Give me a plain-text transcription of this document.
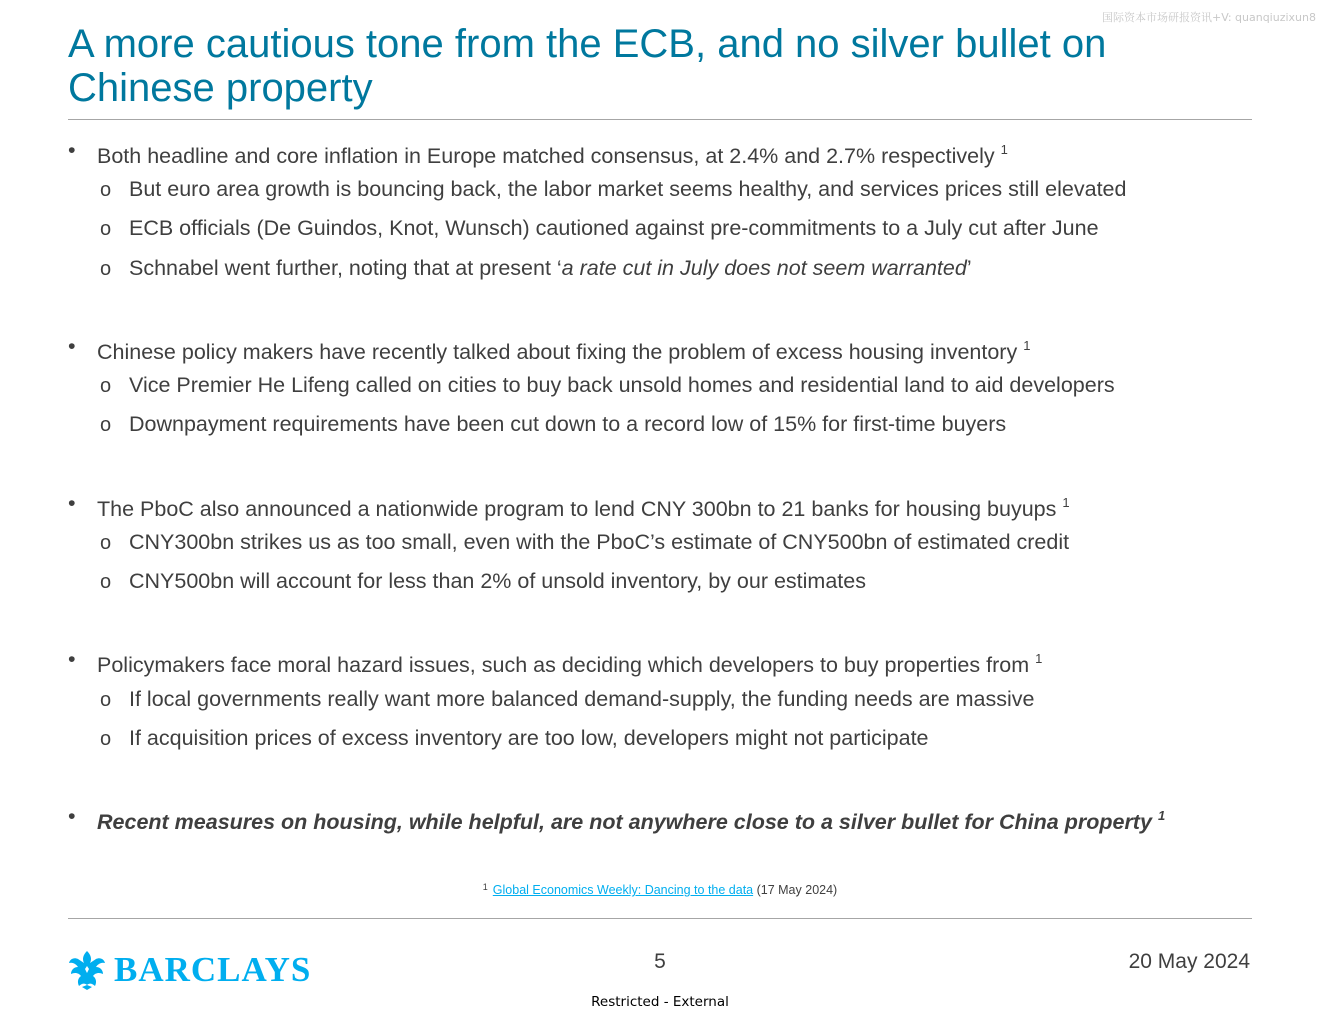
国际资本市场研报资讯+V: quanqiuzixun8
A more cautious tone from the ECB, and no silver bullet on Chinese property
• Both headline and core inflation in Europe matched consensus, at 2.4% and 2.7% respectively $^1$
o But euro area growth is bouncing back, the labor market seems healthy, and services prices still elevated
o ECB officials (De Guindos, Knot, Wunsch) cautioned against pre-commitments to a July cut after June
o Schnabel went further, noting that at present ‘a rate cut in July does not seem warranted’
• Chinese policy makers have recently talked about fixing the problem of excess housing inventory $^1$
o Vice Premier He Lifeng called on cities to buy back unsold homes and residential land to aid developers
o Downpayment requirements have been cut down to a record low of 15% for first-time buyers
• The PboC also announced a nationwide program to lend CNY 300bn to 21 banks for housing buyups $^1$
o CNY300bn strikes us as too small, even with the PboC’s estimate of CNY500bn of estimated credit
o CNY500bn will account for less than 2% of unsold inventory, by our estimates
• Policymakers face moral hazard issues, such as deciding which developers to buy properties from $^1$
o If local governments really want more balanced demand-supply, the funding needs are massive
o If acquisition prices of excess inventory are too low, developers might not participate
• Recent measures on housing, while helpful, are not anywhere close to a silver bullet for China property $^1$
$^1$ Global Economics Weekly: Dancing to the data (17 May 2024)
BARCLAYS	5	20 May 2024
Restricted - External
